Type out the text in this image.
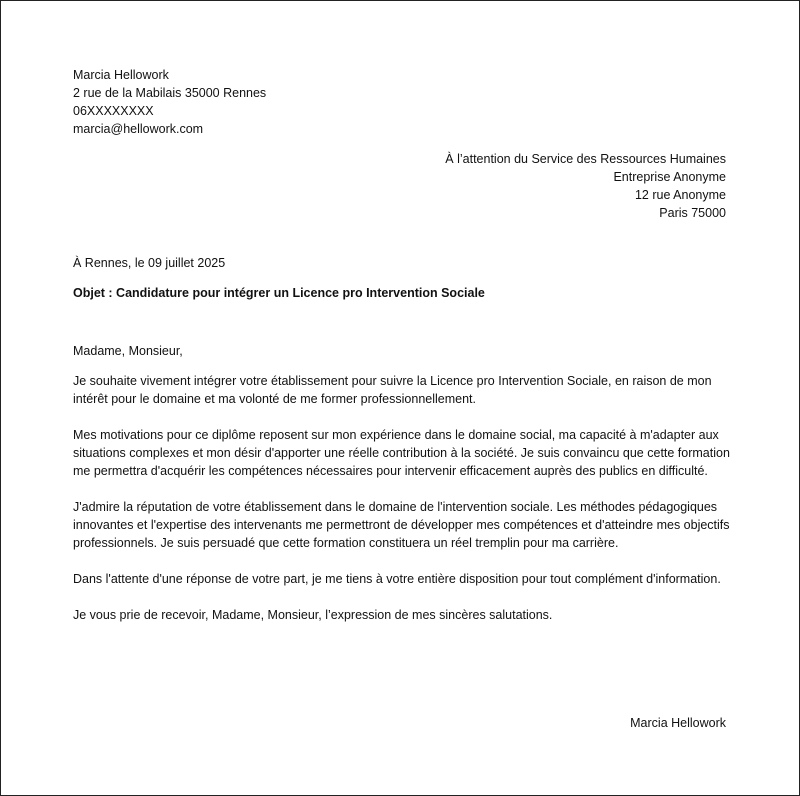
Marcia Hellowork
2 rue de la Mabilais 35000 Rennes
06XXXXXXXX
marcia@hellowork.com
À l’attention du Service des Ressources Humaines
Entreprise Anonyme
12 rue Anonyme
Paris 75000
À Rennes, le 09 juillet 2025
Objet : Candidature pour intégrer un Licence pro Intervention Sociale
Madame, Monsieur,

Je souhaite vivement intégrer votre établissement pour suivre la Licence pro Intervention Sociale, en raison de mon intérêt pour le domaine et ma volonté de me former professionnellement.

Mes motivations pour ce diplôme reposent sur mon expérience dans le domaine social, ma capacité à m'adapter aux situations complexes et mon désir d'apporter une réelle contribution à la société. Je suis convaincu que cette formation me permettra d'acquérir les compétences nécessaires pour intervenir efficacement auprès des publics en difficulté.

J'admire la réputation de votre établissement dans le domaine de l'intervention sociale. Les méthodes pédagogiques innovantes et l'expertise des intervenants me permettront de développer mes compétences et d'atteindre mes objectifs professionnels. Je suis persuadé que cette formation constituera un réel tremplin pour ma carrière.

Dans l'attente d'une réponse de votre part, je me tiens à votre entière disposition pour tout complément d'information.

Je vous prie de recevoir, Madame, Monsieur, l’expression de mes sincères salutations.

Marcia Hellowork
